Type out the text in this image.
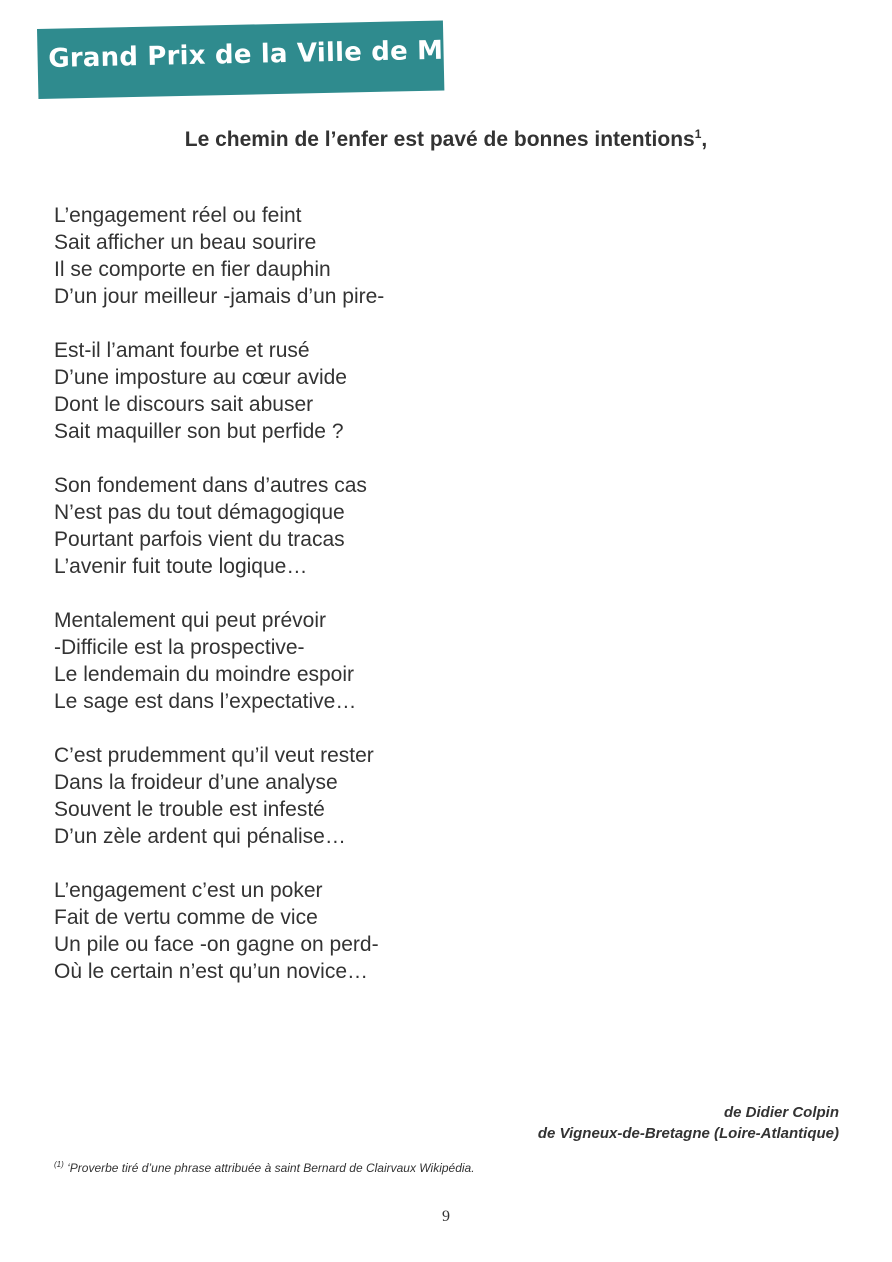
Grand Prix de la Ville de Morestel
Le chemin de l’enfer est pavé de bonnes intentions$^1$,
L’engagement réel ou feint
Sait afficher un beau sourire
Il se comporte en fier dauphin
D’un jour meilleur -jamais d’un pire-
Est-il l’amant fourbe et rusé
D’une imposture au cœur avide
Dont le discours sait abuser
Sait maquiller son but perfide ?
Son fondement dans d’autres cas
N’est pas du tout démagogique
Pourtant parfois vient du tracas
L’avenir fuit toute logique…
Mentalement qui peut prévoir
-Difficile est la prospective-
Le lendemain du moindre espoir
Le sage est dans l’expectative…
C’est prudemment qu’il veut rester
Dans la froideur d’une analyse
Souvent le trouble est infesté
D’un zèle ardent qui pénalise…
L’engagement c’est un poker
Fait de vertu comme de vice
Un pile ou face -on gagne on perd-
Où le certain n’est qu’un novice…
de Didier Colpin
de Vigneux-de-Bretagne (Loire-Atlantique)
$^{(1)}$ ‘Proverbe tiré d’une phrase attribuée à saint Bernard de Clairvaux Wikipédia.
9
